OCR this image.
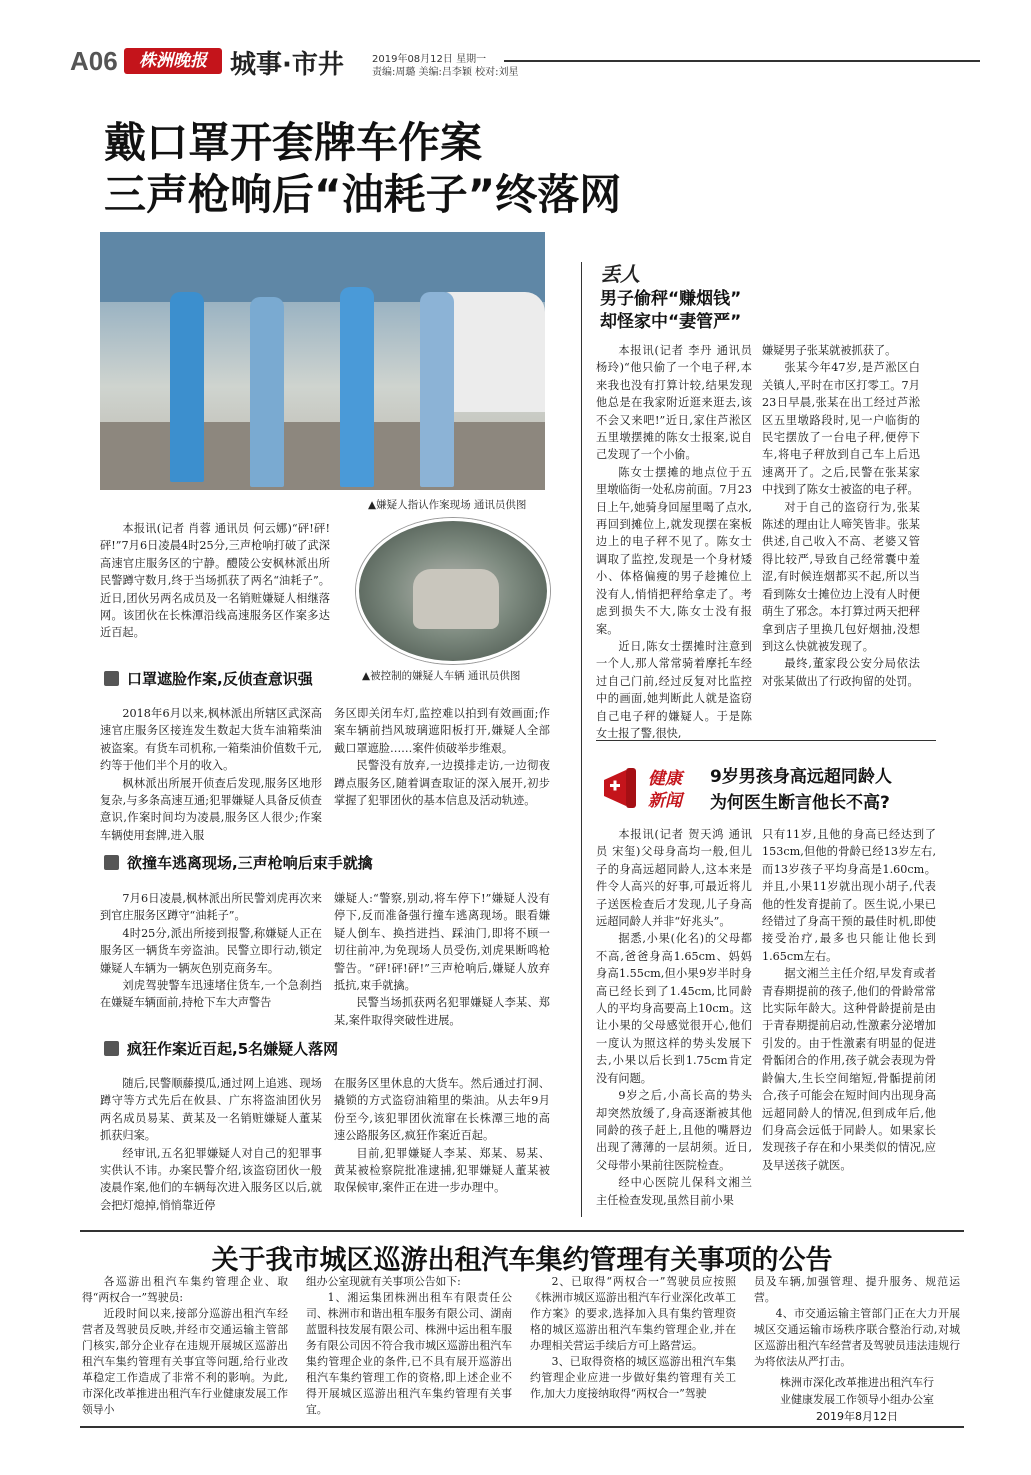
A06	株洲晚报 城事·市井	2019年08月12日 星期一
责编:周璐 美编:吕李颖 校对:刘星
戴口罩开套牌车作案
三声枪响后“油耗子”终落网
▲嫌疑人指认作案现场 通讯员供图
▲被控制的嫌疑人车辆 通讯员供图

本报讯(记者 肖蓉 通讯员 何云娜)“砰!砰!砰!”7月6日凌晨4时25分,三声枪响打破了武深高速官庄服务区的宁静。醴陵公安枫林派出所民警蹲守数月,终于当场抓获了两名“油耗子”。近日,团伙另两名成员及一名销赃嫌疑人相继落网。该团伙在长株潭沿线高速服务区作案多达近百起。

口罩遮脸作案,反侦查意识强

2018年6月以来,枫林派出所辖区武深高速官庄服务区接连发生数起大货车油箱柴油被盗案。有货车司机称,一箱柴油价值数千元,约等于他们半个月的收入。

枫林派出所展开侦查后发现,服务区地形复杂,与多条高速互通;犯罪嫌疑人具备反侦查意识,作案时间均为凌晨,服务区人很少;作案车辆使用套牌,进入服

务区即关闭车灯,监控难以拍到有效画面;作案车辆前挡风玻璃遮阳板打开,嫌疑人全部戴口罩遮脸……案件侦破举步维艰。

民警没有放弃,一边摸排走访,一边彻夜蹲点服务区,随着调查取证的深入展开,初步掌握了犯罪团伙的基本信息及活动轨迹。

欲撞车逃离现场,三声枪响后束手就擒

7月6日凌晨,枫林派出所民警刘虎再次来到官庄服务区蹲守“油耗子”。

4时25分,派出所接到报警,称嫌疑人正在服务区一辆货车旁盗油。民警立即行动,锁定嫌疑人车辆为一辆灰色别克商务车。

刘虎驾驶警车迅速堵住货车,一个急刹挡在嫌疑车辆面前,持枪下车大声警告

嫌疑人:“警察,别动,将车停下!”嫌疑人没有停下,反而准备强行撞车逃离现场。眼看嫌疑人倒车、换挡进挡、踩油门,即将不顾一切往前冲,为免现场人员受伤,刘虎果断鸣枪警告。“砰!砰!砰!”三声枪响后,嫌疑人放弃抵抗,束手就擒。

民警当场抓获两名犯罪嫌疑人李某、郑某,案件取得突破性进展。

疯狂作案近百起,5名嫌疑人落网

随后,民警顺藤摸瓜,通过网上追逃、现场蹲守等方式先后在攸县、广东将盗油团伙另两名成员易某、黄某及一名销赃嫌疑人董某抓获归案。

经审讯,五名犯罪嫌疑人对自己的犯罪事实供认不讳。办案民警介绍,该盗窃团伙一般凌晨作案,他们的车辆每次进入服务区以后,就会把灯熄掉,悄悄靠近停

在服务区里休息的大货车。然后通过打洞、撬锁的方式盗窃油箱里的柴油。从去年9月份至今,该犯罪团伙流窜在长株潭三地的高速公路服务区,疯狂作案近百起。

目前,犯罪嫌疑人李某、郑某、易某、黄某被检察院批准逮捕,犯罪嫌疑人董某被取保候审,案件正在进一步办理中。

丢人
男子偷秤“赚烟钱”
却怪家中“妻管严”

本报讯(记者 李丹 通讯员 杨玲)“他只偷了一个电子秤,本来我也没有打算计较,结果发现他总是在我家附近逛来逛去,该不会又来吧!”近日,家住芦淞区五里墩摆摊的陈女士报案,说自己发现了一个小偷。

陈女士摆摊的地点位于五里墩临街一处私房前面。7月23日上午,她骑身回屋里喝了点水,再回到摊位上,就发现摆在案板边上的电子秤不见了。陈女士调取了监控,发现是一个身材矮小、体格偏瘦的男子趁摊位上没有人,悄悄把秤给拿走了。考虑到损失不大,陈女士没有报案。

近日,陈女士摆摊时注意到一个人,那人常常骑着摩托车经过自己门前,经过反复对比监控中的画面,她判断此人就是盗窃自己电子秤的嫌疑人。于是陈女士报了警,很快,

嫌疑男子张某就被抓获了。

张某今年47岁,是芦淞区白关镇人,平时在市区打零工。7月23日早晨,张某在出工经过芦淞区五里墩路段时,见一户临街的民宅摆放了一台电子秤,便停下车,将电子秤放到自己车上后迅速离开了。之后,民警在张某家中找到了陈女士被盗的电子秤。

对于自己的盗窃行为,张某陈述的理由让人啼笑皆非。张某供述,自己收入不高、老婆又管得比较严,导致自己经常囊中羞涩,有时候连烟都买不起,所以当看到陈女士摊位边上没有人时便萌生了邪念。本打算过两天把秤拿到店子里换几包好烟抽,没想到这么快就被发现了。

最终,董家段公安分局依法对张某做出了行政拘留的处罚。

健康
新闻
9岁男孩身高远超同龄人
为何医生断言他长不高?

本报讯(记者 贺天鸿 通讯员 宋玺)父母身高均一般,但儿子的身高远超同龄人,这本来是件令人高兴的好事,可最近将儿子送医检查后才发现,儿子身高远超同龄人并非“好兆头”。

据悉,小果(化名)的父母都不高,爸爸身高1.65cm、妈妈身高1.55cm,但小果9岁半时身高已经长到了1.45cm,比同龄人的平均身高要高上10cm。这让小果的父母感觉很开心,他们一度认为照这样的势头发展下去,小果以后长到1.75cm肯定没有问题。

9岁之后,小高长高的势头却突然放缓了,身高逐渐被其他同龄的孩子赶上,且他的嘴唇边出现了薄薄的一层胡须。近日,父母带小果前往医院检查。

经中心医院儿保科文湘兰主任检查发现,虽然目前小果

只有11岁,且他的身高已经达到了153cm,但他的骨龄已经13岁左右,而13岁孩子平均身高是1.60cm。并且,小果11岁就出现小胡子,代表他的性发育提前了。医生说,小果已经错过了身高干预的最佳时机,即使接受治疗,最多也只能让他长到1.65cm左右。

据文湘兰主任介绍,早发育或者青春期提前的孩子,他们的骨龄常常比实际年龄大。这种骨龄提前是由于青春期提前启动,性激素分泌增加引发的。由于性激素有明显的促进骨骺闭合的作用,孩子就会表现为骨龄偏大,生长空间缩短,骨骺提前闭合,孩子可能会在短时间内出现身高远超同龄人的情况,但到成年后,他们身高会远低于同龄人。如果家长发现孩子存在和小果类似的情况,应及早送孩子就医。

关于我市城区巡游出租汽车集约管理有关事项的公告

各巡游出租汽车集约管理企业、取得“两权合一”驾驶员:

近段时间以来,接部分巡游出租汽车经营者及驾驶员反映,并经市交通运输主管部门核实,部分企业存在违规开展城区巡游出租汽车集约管理有关事宜等问题,给行业改革稳定工作造成了非常不利的影响。为此,市深化改革推进出租汽车行业健康发展工作领导小

组办公室现就有关事项公告如下:

1、湘运集团株洲出租车有限责任公司、株洲市和谐出租车服务有限公司、湖南蓝盟科技发展有限公司、株洲中运出租车服务有限公司因不符合我市城区巡游出租汽车集约管理企业的条件,已不具有展开巡游出租汽车集约管理工作的资格,即上述企业不得开展城区巡游出租汽车集约管理有关事宜。

2、已取得“两权合一”驾驶员应按照《株洲市城区巡游出租汽车行业深化改革工作方案》的要求,选择加入具有集约管理资格的城区巡游出租汽车集约管理企业,并在办理相关营运手续后方可上路营运。

3、已取得资格的城区巡游出租汽车集约管理企业应进一步做好集约管理有关工作,加大力度接纳取得“两权合一”驾驶

员及车辆,加强管理、提升服务、规范运营。

4、市交通运输主管部门正在大力开展城区交通运输市场秩序联合整治行动,对城区巡游出租汽车经营者及驾驶员违法违规行为将依法从严打击。

株洲市深化改革推进出租汽车行
业健康发展工作领导小组办公室
2019年8月12日
